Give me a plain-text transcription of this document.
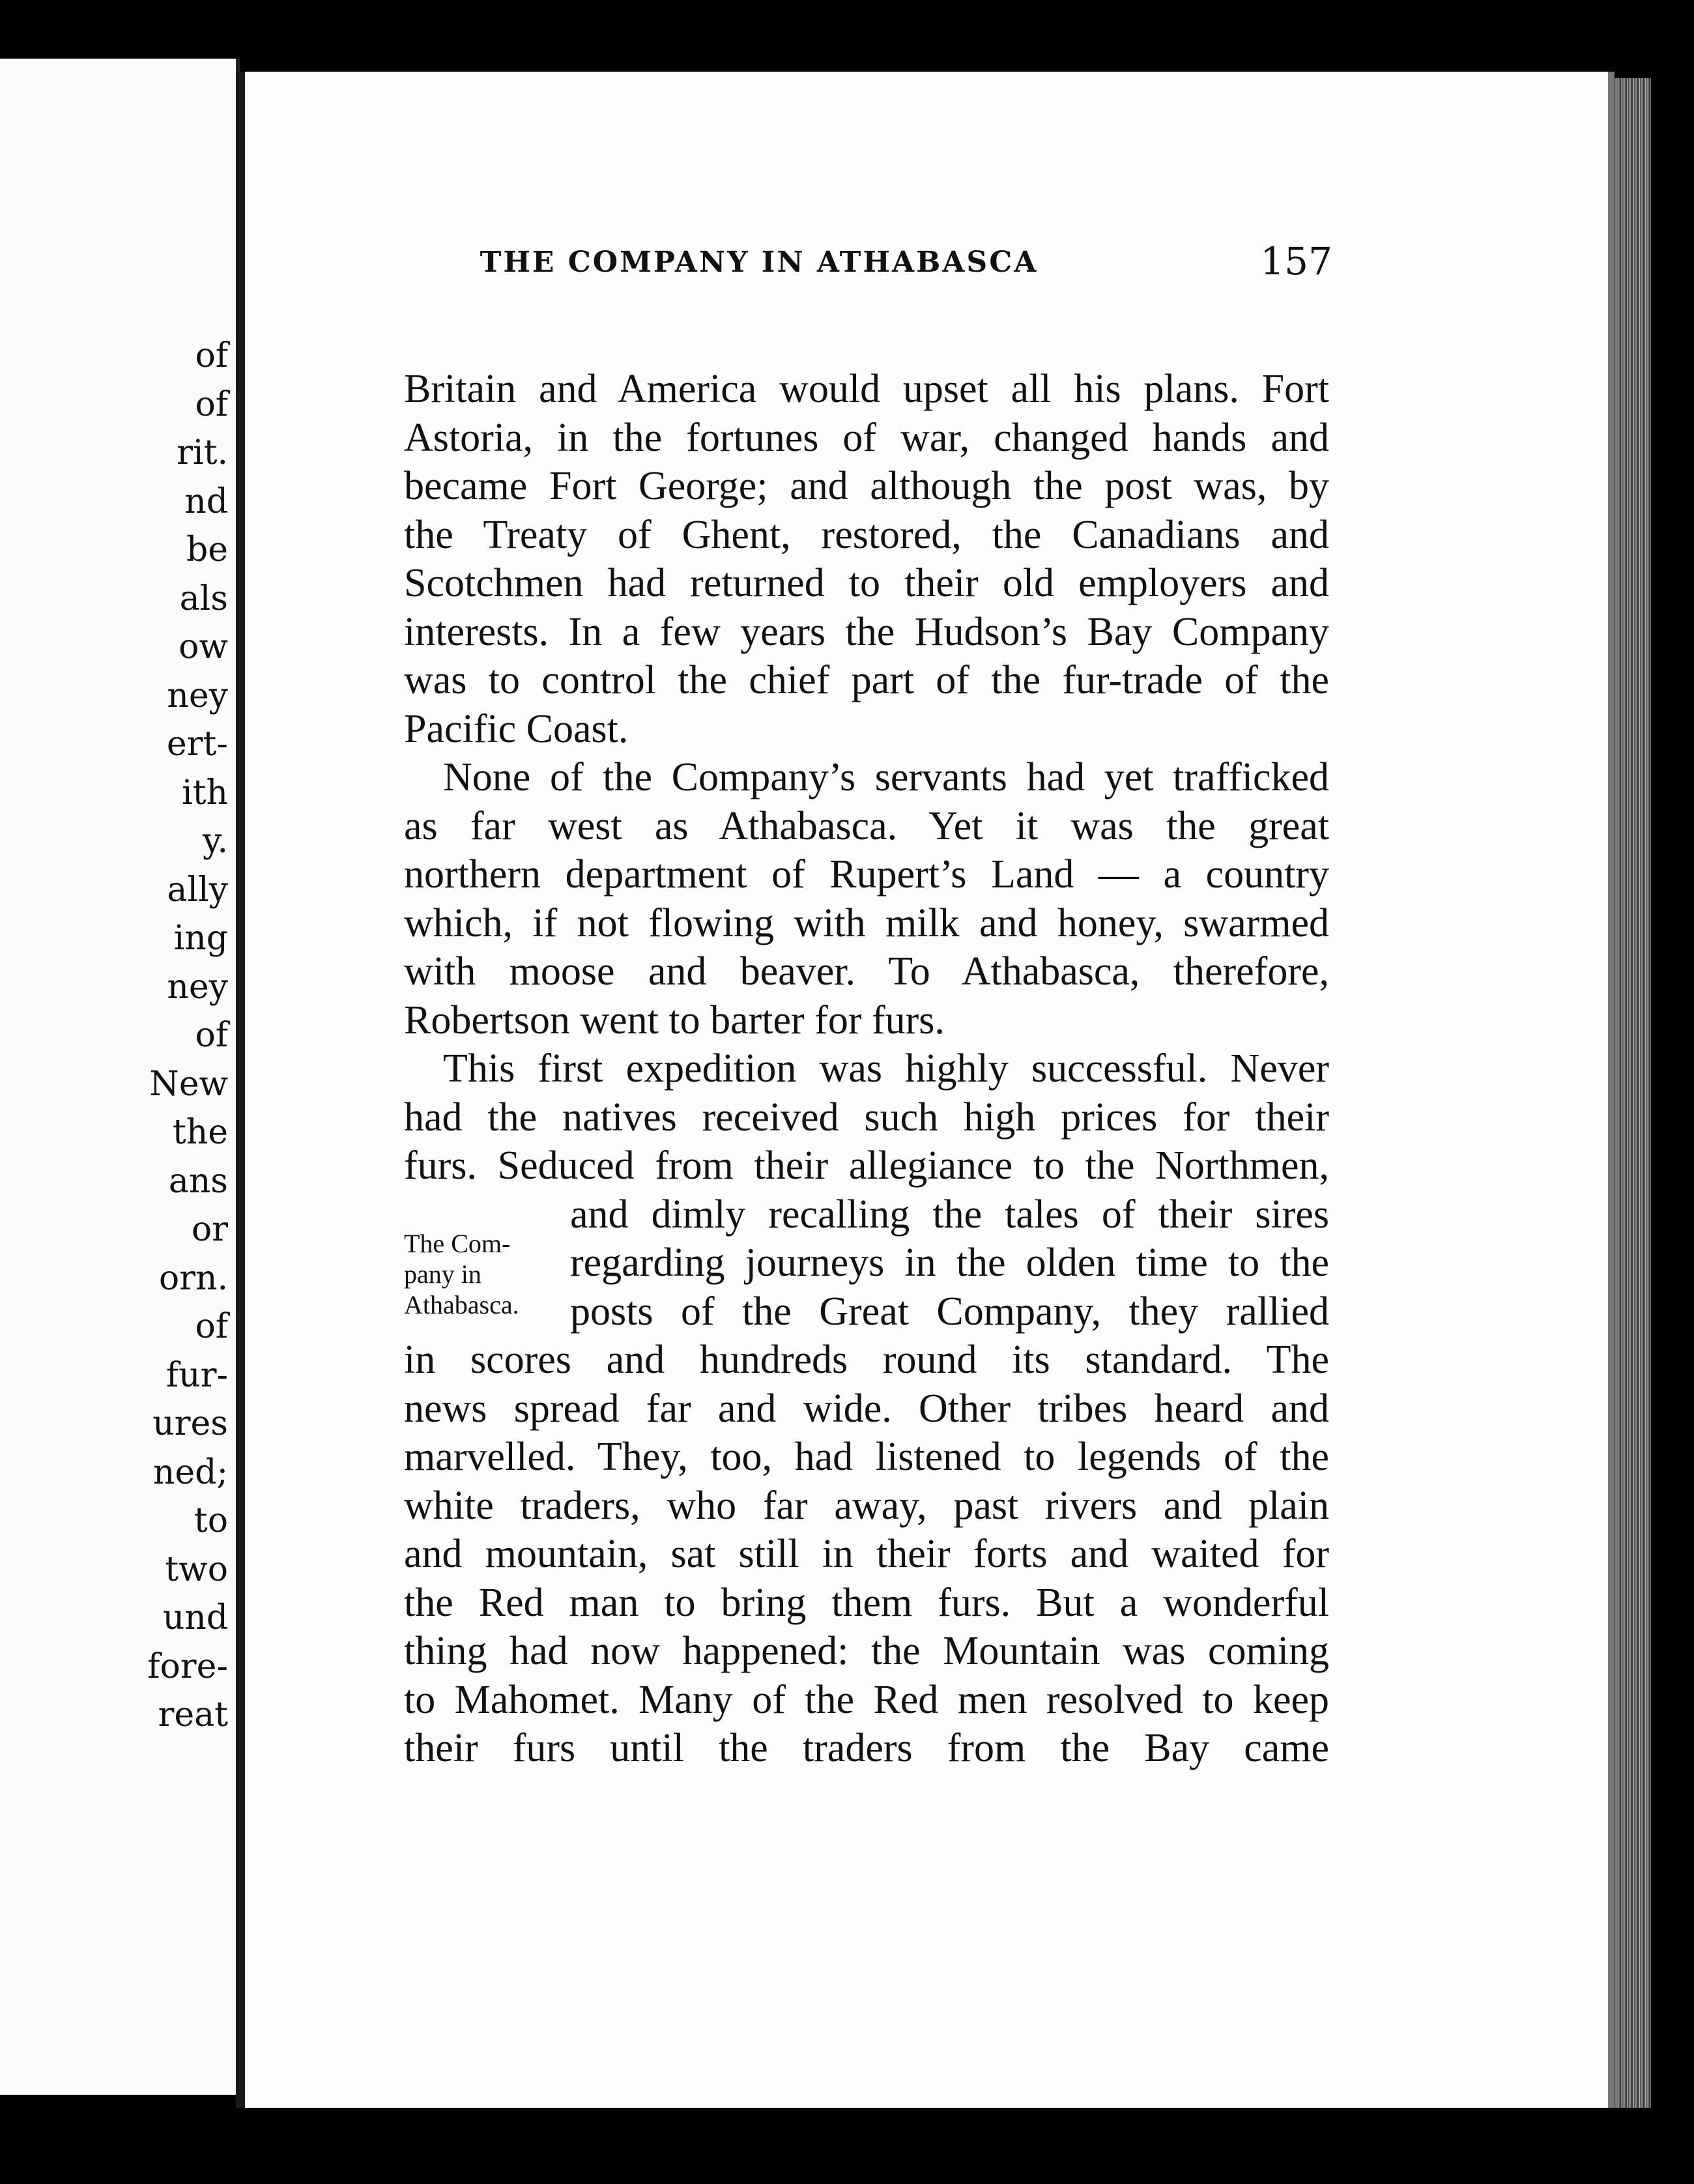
of
of
rit.
nd
be
als
ow
ney
ert-
ith
y.
ally
ing
ney
of
New
the
ans
or
orn.
of
fur-
ures
ned;
to
two
und
fore-
reat
THE COMPANY IN ATHABASCA	157
Britain and America would upset all his plans. Fort
Astoria, in the fortunes of war, changed hands and
became Fort George; and although the post was, by
the Treaty of Ghent, restored, the Canadians and
Scotchmen had returned to their old employers and
interests. In a few years the Hudson’s Bay Company
was to control the chief part of the fur-trade of the
Pacific Coast.
None of the Company’s servants had yet trafficked
as far west as Athabasca. Yet it was the great
northern department of Rupert’s Land — a country
which, if not flowing with milk and honey, swarmed
with moose and beaver. To Athabasca, therefore,
Robertson went to barter for furs.
This first expedition was highly successful. Never
had the natives received such high prices for their
furs. Seduced from their allegiance to the Northmen,
and dimly recalling the tales of their sires
regarding journeys in the olden time to the
posts of the Great Company, they rallied
in scores and hundreds round its standard. The
news spread far and wide. Other tribes heard and
marvelled. They, too, had listened to legends of the
white traders, who far away, past rivers and plain
and mountain, sat still in their forts and waited for
the Red man to bring them furs. But a wonderful
thing had now happened: the Mountain was coming
to Mahomet. Many of the Red men resolved to keep
their furs until the traders from the Bay came
The Com-
pany in
Athabasca.
